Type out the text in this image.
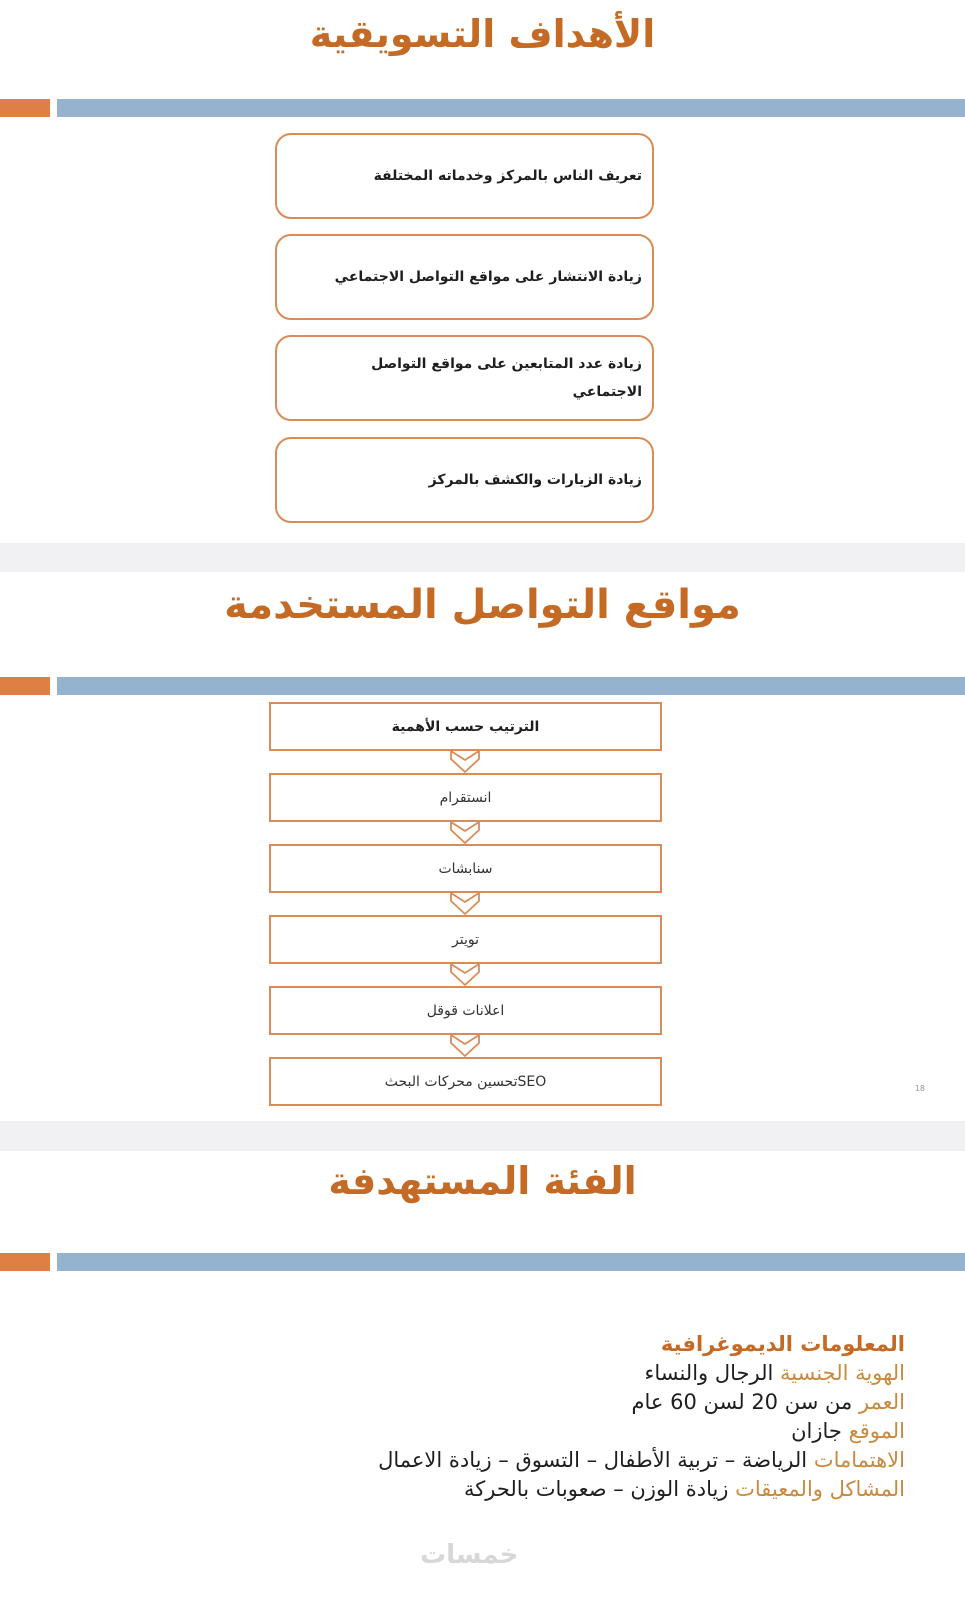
الأهداف التسويقية
تعريف الناس بالمركز وخدماته المختلفة
زيادة الانتشار على مواقع التواصل الاجتماعي
زيادة عدد المتابعين على مواقع التواصل الاجتماعي
زيادة الزيارات والكشف بالمركز
مواقع التواصل المستخدمة
الترتيب حسب الأهمية
انستقرام
سنابشات
تويتر
اعلانات قوقل
SEOتحسين محركات البحث	18
الفئة المستهدفة
المعلومات الديموغرافية
الهوية الجنسية الرجال والنساء
العمر من سن 20 لسن 60 عام
الموقع جازان
الاهتمامات الرياضة – تربية الأطفال – التسوق – زيادة الاعمال
المشاكل والمعيقات زيادة الوزن – صعوبات بالحركة
خمسات
